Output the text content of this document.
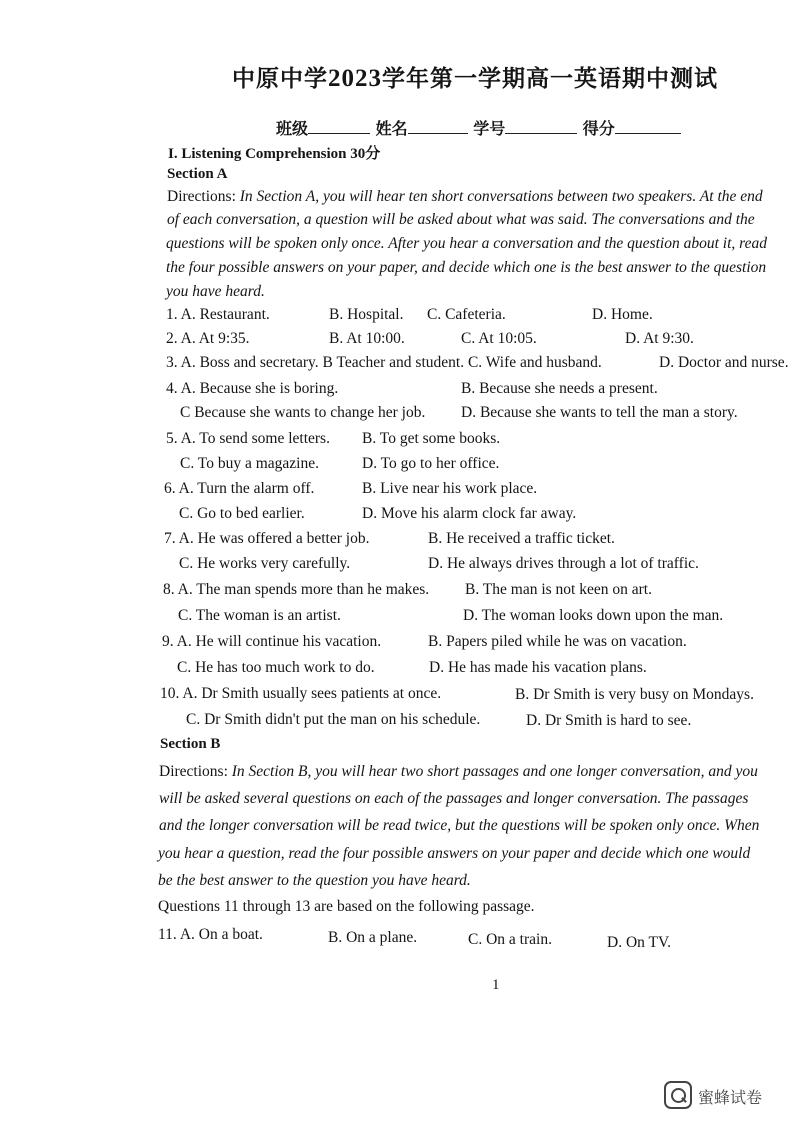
中原中学2023学年第一学期高一英语期中测试
班级	姓名	学号	得分
I. Listening Comprehension 30分
Section A
Directions: In Section A, you will hear ten short conversations between two speakers. At the end
of each conversation, a question will be asked about what was said. The conversations and the
questions will be spoken only once. After you hear a conversation and the question about it, read
the four possible answers on your paper, and decide which one is the best answer to the question
you have heard.
1. A. Restaurant.	B. Hospital. C. Cafeteria.	D. Home.
2. A. At 9:35.	B. At 10:00.	C. At 10:05.	D. At 9:30.
3. A. Boss and secretary. B Teacher and student. C. Wife and husband.	D. Doctor and nurse.
4. A. Because she is boring.	B. Because she needs a present.
C Because she wants to change her job. D. Because she wants to tell the man a story.
5. A. To send some letters. B. To get some books.
C. To buy a magazine.	D. To go to her office.
6. A. Turn the alarm off.	B. Live near his work place.
C. Go to bed earlier.	D. Move his alarm clock far away.
7. A. He was offered a better job.	B. He received a traffic ticket.
C. He works very carefully.	D. He always drives through a lot of traffic.
8. A. The man spends more than he makes. B. The man is not keen on art.
C. The woman is an artist.	D. The woman looks down upon the man.
9. A. He will continue his vacation.	B. Papers piled while he was on vacation.
C. He has too much work to do.	D. He has made his vacation plans.
10. A. Dr Smith usually sees patients at once.	B. Dr Smith is very busy on Mondays.
C. Dr Smith didn't put the man on his schedule.	D. Dr Smith is hard to see.
Section B
Directions: In Section B, you will hear two short passages and one longer conversation, and you
will be asked several questions on each of the passages and longer conversation. The passages
and the longer conversation will be read twice, but the questions will be spoken only once. When
you hear a question, read the four possible answers on your paper and decide which one would
be the best answer to the question you have heard.
Questions 11 through 13 are based on the following passage.
11. A. On a boat.	B. On a plane.	C. On a train.	D. On TV.
1
蜜蜂试卷
